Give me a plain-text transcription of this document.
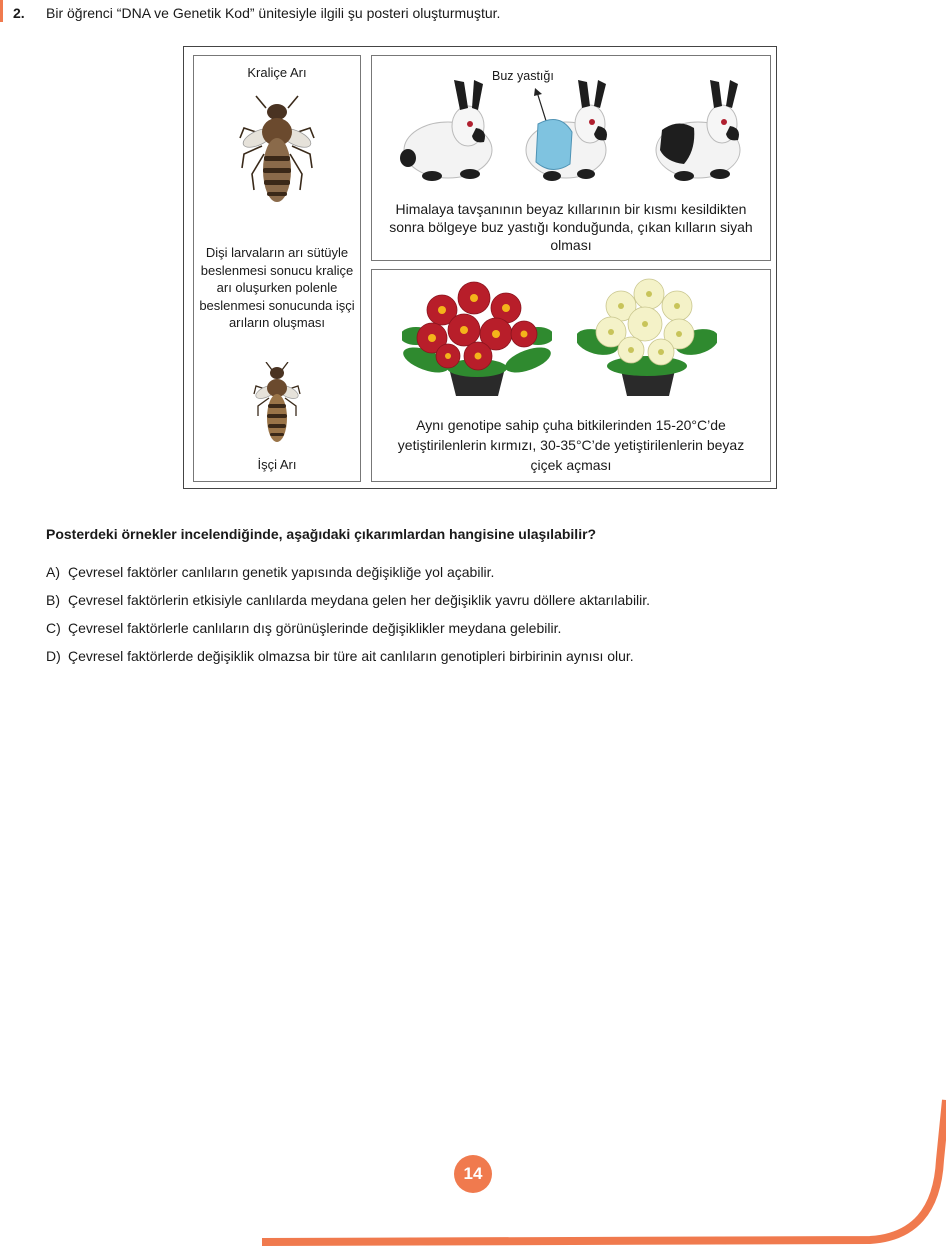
2. Bir öğrenci “DNA ve Genetik Kod” ünitesiyle ilgili şu posteri oluşturmuştur.
Kraliçe Arı
Dişi larvaların arı sütüyle beslenmesi sonucu kraliçe arı oluşurken polenle beslenmesi sonucunda işçi arıların oluşması
İşçi Arı
Buz yastığı
Himalaya tavşanının beyaz kıllarının bir kısmı kesildikten sonra bölgeye buz yastığı konduğunda, çıkan kılların siyah olması
Aynı genotipe sahip çuha bitkilerinden 15-20°C’de yetiştirilenlerin kırmızı, 30-35°C’de yetiştirilenlerin beyaz çiçek açması
Posterdeki örnekler incelendiğinde, aşağıdaki çıkarımlardan hangisine ulaşılabilir?
A) Çevresel faktörler canlıların genetik yapısında değişikliğe yol açabilir.
B) Çevresel faktörlerin etkisiyle canlılarda meydana gelen her değişiklik yavru döllere aktarılabilir.
C) Çevresel faktörlerle canlıların dış görünüşlerinde değişiklikler meydana gelebilir.
D) Çevresel faktörlerde değişiklik olmazsa bir türe ait canlıların genotipleri birbirinin aynısı olur.
14
